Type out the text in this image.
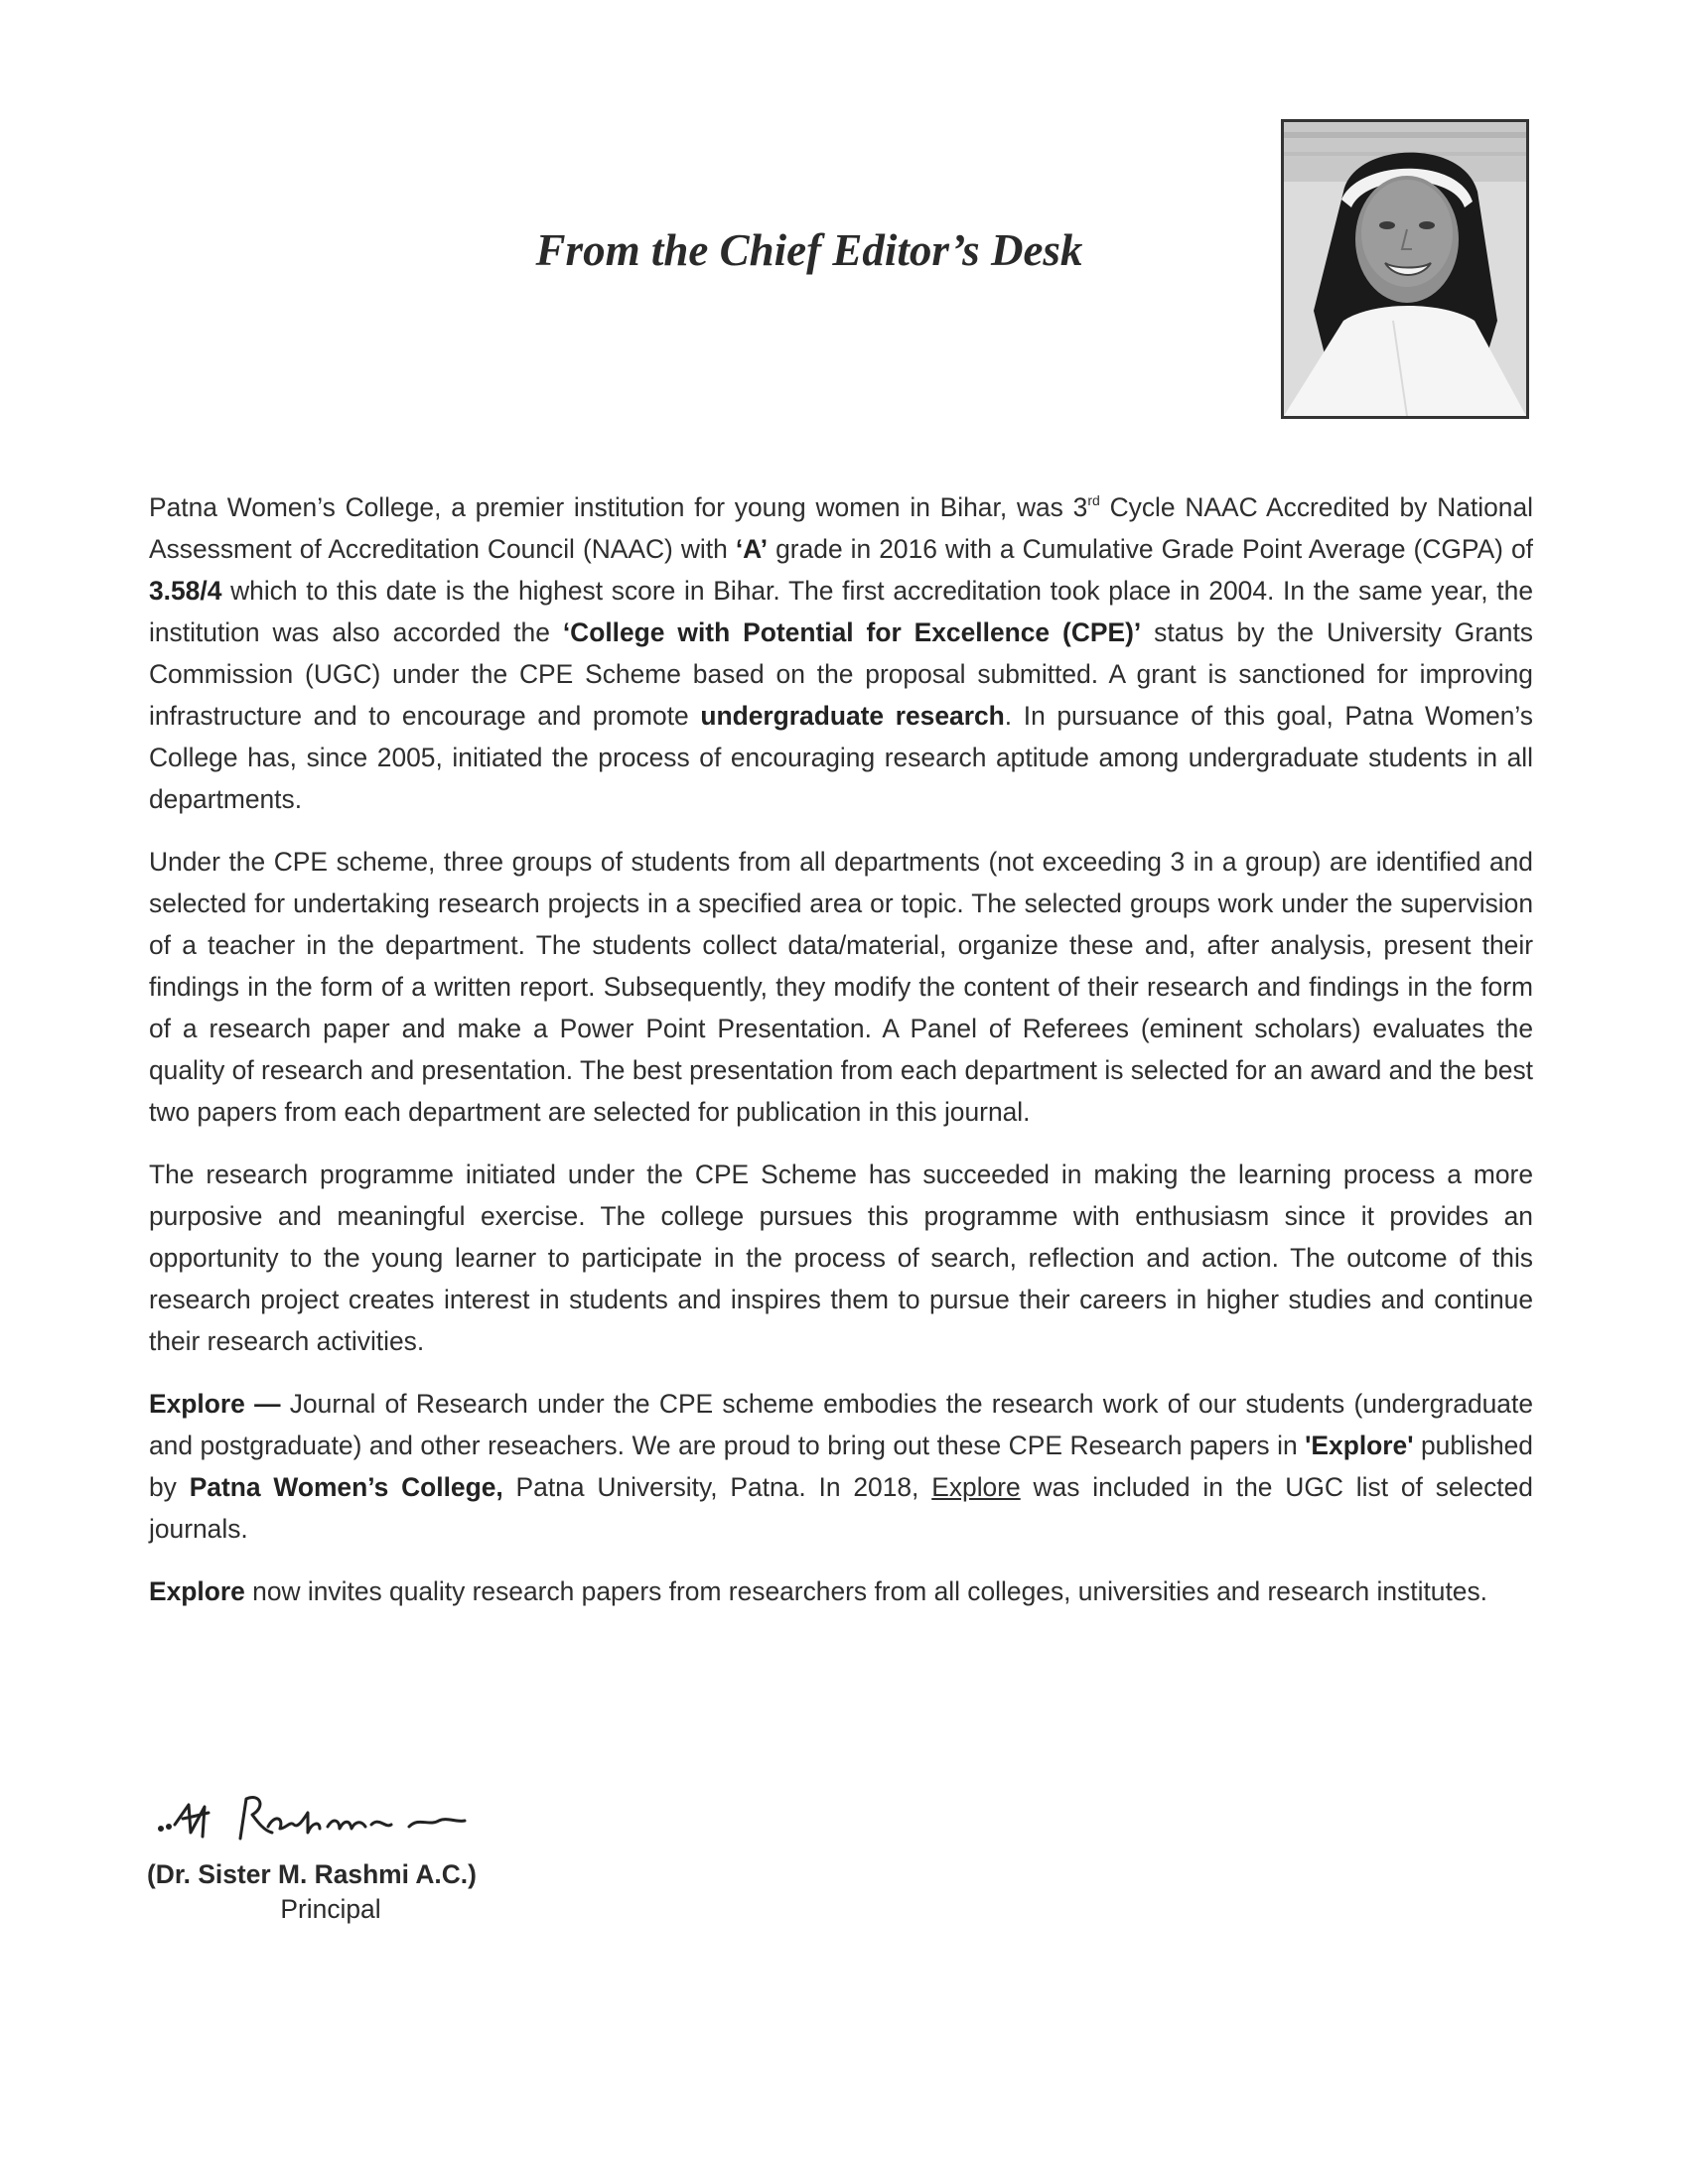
From the Chief Editor’s Desk

Patna Women’s College, a premier institution for young women in Bihar, was 3rd Cycle NAAC Accredited by National Assessment of Accreditation Council (NAAC) with ‘A’ grade in 2016 with a Cumulative Grade Point Average (CGPA) of 3.58/4 which to this date is the highest score in Bihar. The first accreditation took place in 2004. In the same year, the institution was also accorded the ‘College with Potential for Excellence (CPE)’ status by the University Grants Commission (UGC) under the CPE Scheme based on the proposal submitted. A grant is sanctioned for improving infrastructure and to encourage and promote undergraduate research. In pursuance of this goal, Patna Women’s College has, since 2005, initiated the process of encouraging research aptitude among undergraduate students in all departments.

Under the CPE scheme, three groups of students from all departments (not exceeding 3 in a group) are identified and selected for undertaking research projects in a specified area or topic. The selected groups work under the supervision of a teacher in the department. The students collect data/material, organize these and, after analysis, present their findings in the form of a written report. Subsequently, they modify the content of their research and findings in the form of a research paper and make a Power Point Presentation. A Panel of Referees (eminent scholars) evaluates the quality of research and presentation. The best presentation from each department is selected for an award and the best two papers from each department are selected for publication in this journal.

The research programme initiated under the CPE Scheme has succeeded in making the learning process a more purposive and meaningful exercise. The college pursues this programme with enthusiasm since it provides an opportunity to the young learner to participate in the process of search, reflection and action. The outcome of this research project creates interest in students and inspires them to pursue their careers in higher studies and continue their research activities.

Explore — Journal of Research under the CPE scheme embodies the research work of our students (undergraduate and postgraduate) and other reseachers. We are proud to bring out these CPE Research papers in 'Explore' published by Patna Women’s College, Patna University, Patna. In 2018, Explore was included in the UGC list of selected journals.

Explore now invites quality research papers from researchers from all colleges, universities and research institutes.

(Dr. Sister M. Rashmi A.C.)
Principal
